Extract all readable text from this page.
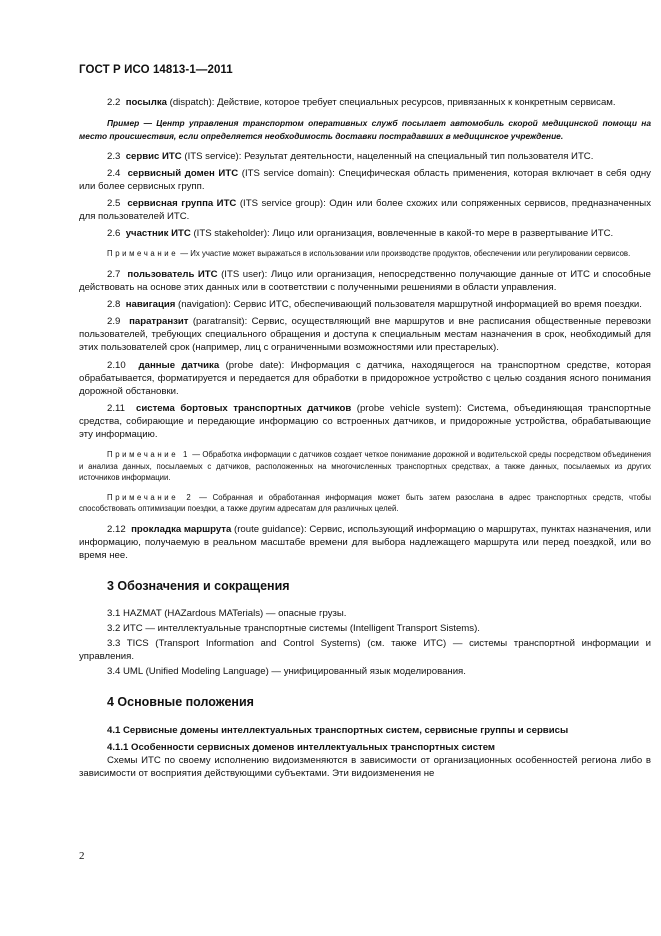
ГОСТ Р ИСО 14813-1—2011

2.2 посылка (dispatch): Действие, которое требует специальных ресурсов, привязанных к конкретным сервисам.

Пример — Центр управления транспортом оперативных служб посылает автомобиль скорой медицинской помощи на место происшествия, если определяется необходимость доставки пострадавших в медицинское учреждение.

2.3 сервис ИТС (ITS service): Результат деятельности, нацеленный на специальный тип пользователя ИТС.

2.4 сервисный домен ИТС (ITS service domain): Специфическая область применения, которая включает в себя одну или более сервисных групп.

2.5 сервисная группа ИТС (ITS service group): Один или более схожих или сопряженных сервисов, предназначенных для пользователей ИТС.

2.6 участник ИТС (ITS stakeholder): Лицо или организация, вовлеченные в какой-то мере в развертывание ИТС.

Примечание — Их участие может выражаться в использовании или производстве продуктов, обеспечении или регулировании сервисов.

2.7 пользователь ИТС (ITS user): Лицо или организация, непосредственно получающие данные от ИТС и способные действовать на основе этих данных или в соответствии с полученными решениями в области управления.

2.8 навигация (navigation): Сервис ИТС, обеспечивающий пользователя маршрутной информацией во время поездки.

2.9 паратранзит (paratransit): Сервис, осуществляющий вне маршрутов и вне расписания общественные перевозки пользователей, требующих специального обращения и доступа к специальным местам назначения в срок, необходимый для этих пользователей срок (например, лиц с ограниченными возможностями или престарелых).

2.10 данные датчика (probe date): Информация с датчика, находящегося на транспортном средстве, которая обрабатывается, форматируется и передается для обработки в придорожное устройство с целью создания ясного понимания дорожной обстановки.

2.11 система бортовых транспортных датчиков (probe vehicle system): Система, объединяющая транспортные средства, собирающие и передающие информацию со встроенных датчиков, и придорожные устройства, обрабатывающие эту информацию.

Примечание 1 — Обработка информации с датчиков создает четкое понимание дорожной и водительской среды посредством объединения и анализа данных, посылаемых с датчиков, расположенных на многочисленных транспортных средствах, а также данных, посылаемых из других источников информации.

Примечание 2 — Собранная и обработанная информация может быть затем разослана в адрес транспортных средств, чтобы способствовать оптимизации поездки, а также другим адресатам для различных целей.

2.12 прокладка маршрута (route guidance): Сервис, использующий информацию о маршрутах, пунктах назначения, или информацию, получаемую в реальном масштабе времени для выбора надлежащего маршрута или перед поездкой, или во время нее.

3 Обозначения и сокращения

3.1 HAZMAT (HAZardous MATerials) — опасные грузы.

3.2 ИТС — интеллектуальные транспортные системы (Intelligent Transport Sistems).

3.3 TICS (Transport Information and Control Systems) (см. также ИТС) — системы транспортной информации и управления.

3.4 UML (Unified Modeling Language) — унифицированный язык моделирования.

4 Основные положения

4.1 Сервисные домены интеллектуальных транспортных систем, сервисные группы и сервисы

4.1.1 Особенности сервисных доменов интеллектуальных транспортных систем

Схемы ИТС по своему исполнению видоизменяются в зависимости от организационных особенностей региона либо в зависимости от восприятия действующими субъектами. Эти видоизменения не

2
